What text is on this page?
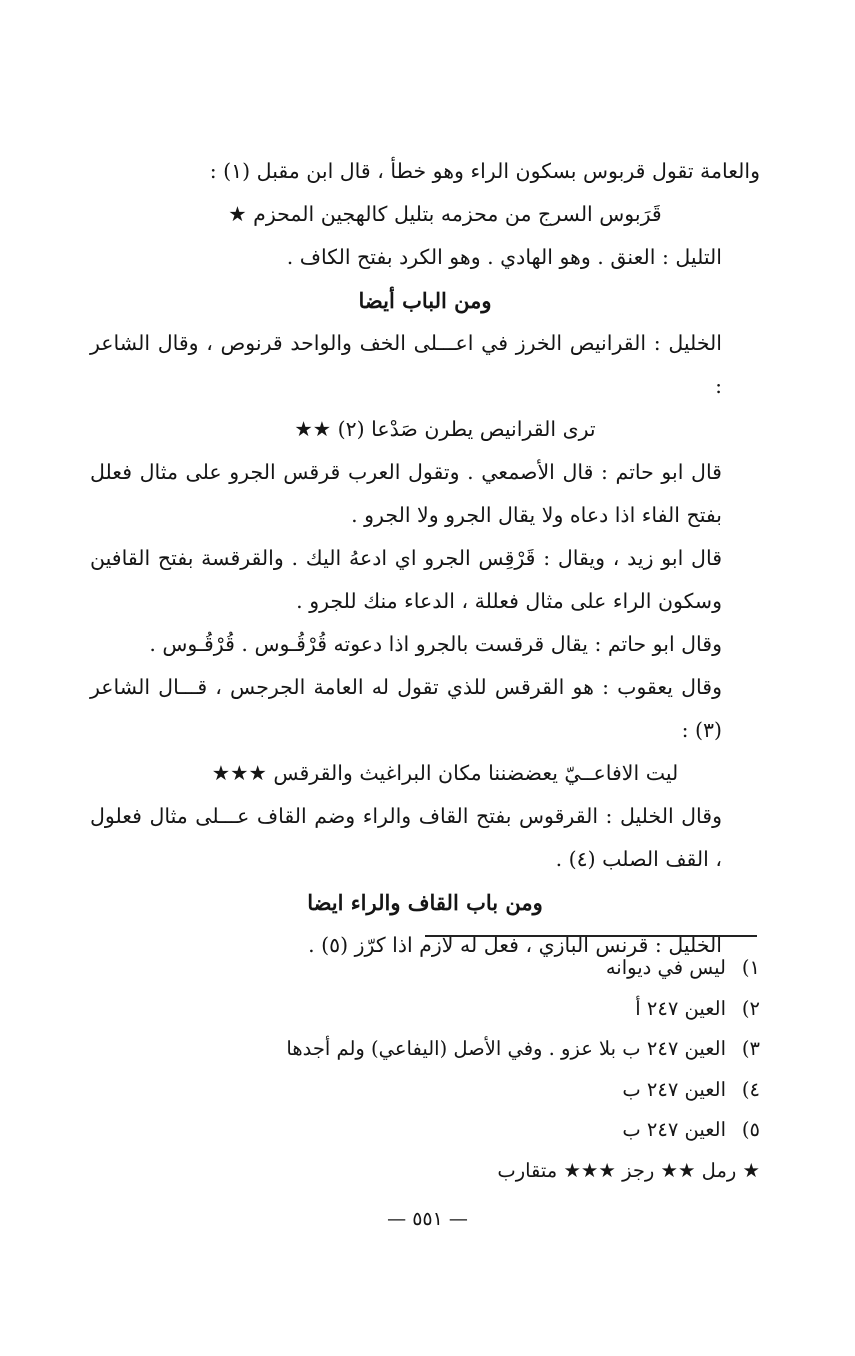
والعامة تقول قربوس بسكون الراء وهو خطأ ، قال ابن مقبل (١) :

قَرَبوس السرج من محزمه بتليل كالهجين المحزم ★

التليل : العنق . وهو الهادي . وهو الكرد بفتح الكاف .

ومن الباب أيضا

الخليل : القرانيص الخرز في اعـــلى الخف والواحد قرنوص ، وقال الشاعر :

ترى القرانيص يطرن صَدْعا (٢) ★★

قال ابو حاتم : قال الأصمعي . وتقول العرب قرقس الجرو على مثال فعلل بفتح الفاء اذا دعاه ولا يقال الجرو ولا الجرو .

قال ابو زيد ، ويقال : قَرْقِس الجرو اي ادعهُ اليك . والقرقسة بفتح القافين وسكون الراء على مثال فعللة ، الدعاء منك للجرو .

وقال ابو حاتم : يقال قرقست بالجرو اذا دعوته قُرْقُـوس . قُرْقُـوس .

وقال يعقوب : هو القرقس للذي تقول له العامة الجرجس ، قـــال الشاعر (٣) :

ليت الافاعــيّ يعضضننا مكان البراغيث والقرقس ★★★

وقال الخليل : القرقوس بفتح القاف والراء وضم القاف عـــلى مثال فعلول ، القف الصلب (٤) .

ومن باب القاف والراء ايضا

الخليل : قرنس البازي ، فعل له لازم اذا كرّز (٥) .

١)ليس في ديوانه

٢)العين ٢٤٧ أ

٣)العين ٢٤٧ ب بلا عزو . وفي الأصل (اليفاعي) ولم أجدها

٤)العين ٢٤٧ ب

٥)العين ٢٤٧ ب

★ رمل ★★ رجز ★★★ متقارب

— ٥٥١ —
